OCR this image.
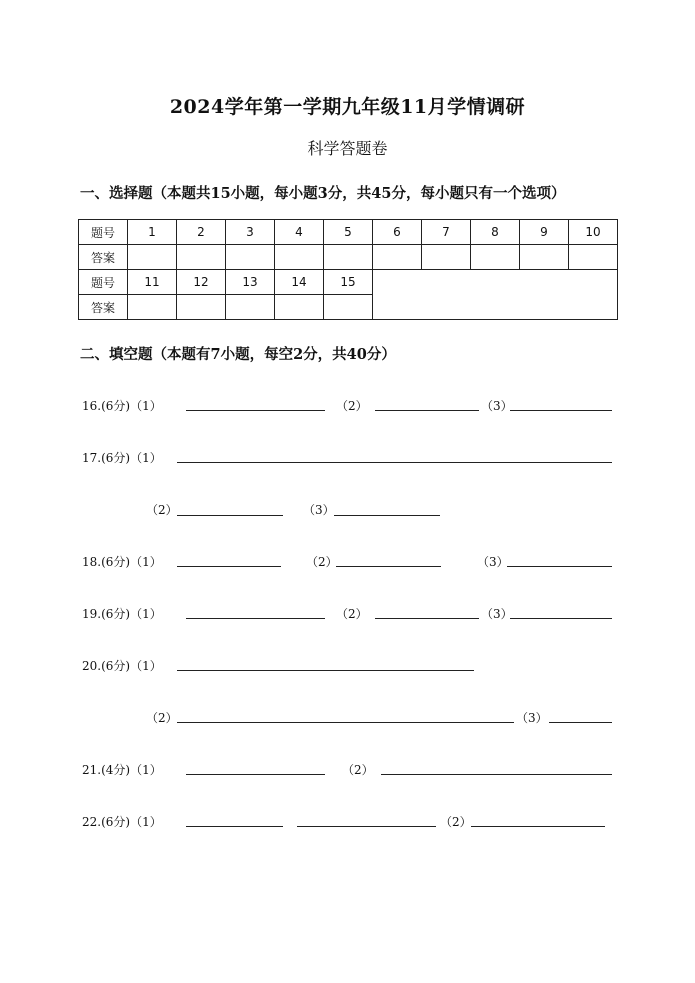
2024学年第一学期九年级11月学情调研
科学答题卷
一、选择题（本题共15小题，每小题3分，共45分，每小题只有一个选项）
题号	1	2	3	4	5	6	7	8	9	10
答案										
题号	11	12	13	14	15					
答案										
二、填空题（本题有7小题，每空2分，共40分）
16.(6分)（1）	（2）	（3）
17.(6分)（1）
（2）	（3）
18.(6分)（1）	（2）	（3）
19.(6分)（1）	（2）	（3）
20.(6分)（1）
（2）	（3）
21.(4分)（1）	（2）
22.(6分)（1）	（2）
